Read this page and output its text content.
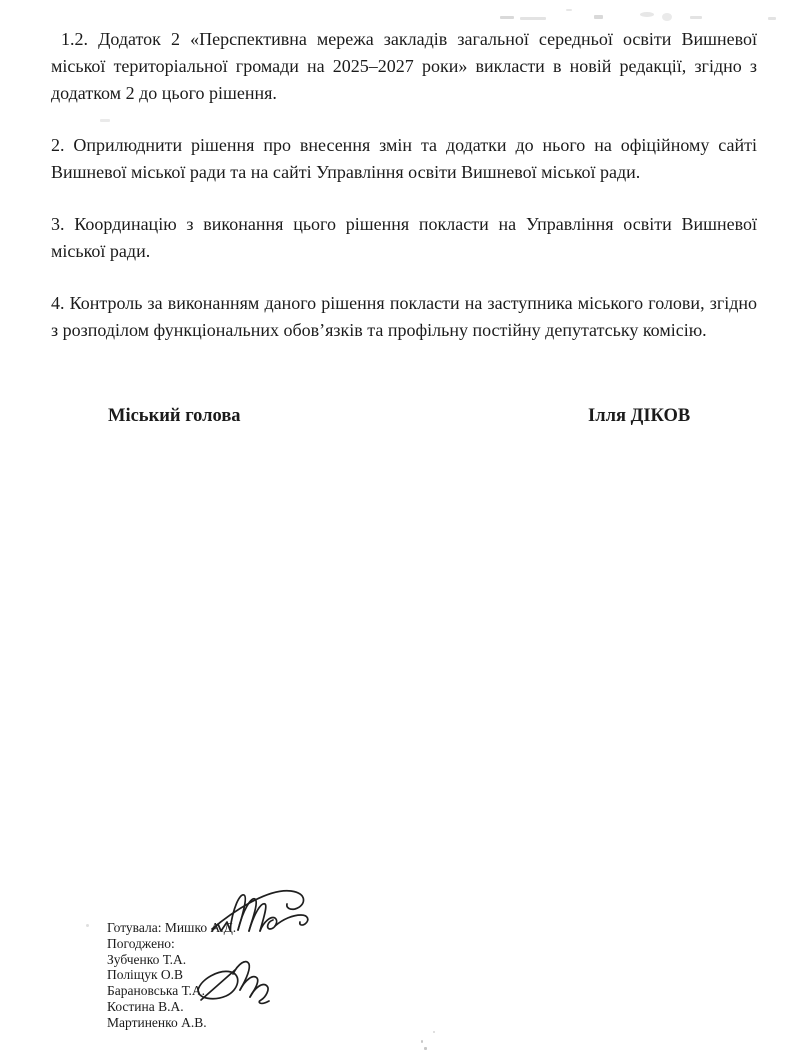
1.2. Додаток 2 «Перспективна мережа закладів загальної середньої освіти Вишневої міської територіальної громади на 2025–2027 роки» викласти в новій редакції, згідно з додатком 2 до цього рішення.

2. Оприлюднити рішення про внесення змін та додатки до нього на офіційному сайті Вишневої міської ради та на сайті Управління освіти Вишневої міської ради.

3. Координацію з виконання цього рішення покласти на Управління освіти Вишневої міської ради.

4. Контроль за виконанням даного рішення покласти на заступника міського голови, згідно з розподілом функціональних обов’язків та профільну постійну депутатську комісію.

Міський голова	Ілля ДІКОВ
Готувала: Мишко А.Д.
Погоджено:
Зубченко Т.А.
Поліщук О.В
Барановська Т.А.
Костина В.А.
Мартиненко А.В.
